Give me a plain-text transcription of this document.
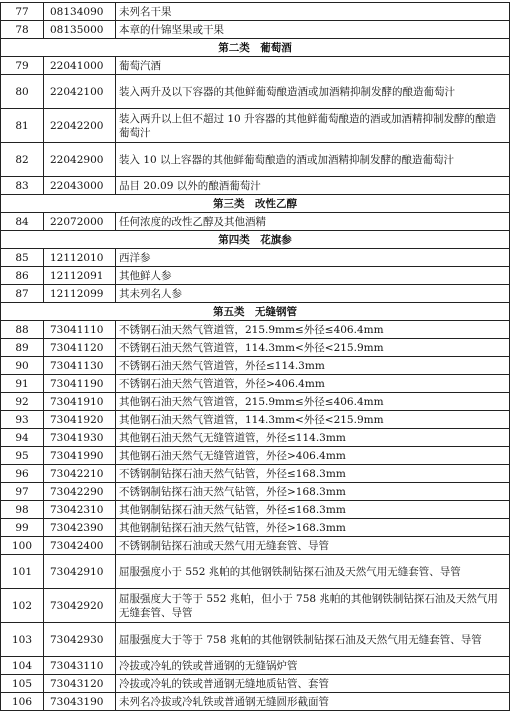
77	08134090	未列名干果
78	08135000	本章的什锦坚果或干果
第二类　葡萄酒		
79	22041000	葡萄汽酒
80	22042100	装入两升及以下容器的其他鲜葡萄酿造酒或加酒精抑制发酵的酿造葡萄汁
81	22042200	装入两升以上但不超过 10 升容器的其他鲜葡萄酿造的酒或加酒精抑制发酵的酿造葡萄汁
82	22042900	装入 10 以上容器的其他鲜葡萄酿造的酒或加酒精抑制发酵的酿造葡萄汁
83	22043000	品目 20.09 以外的酿酒葡萄汁
第三类　改性乙醇		
84	22072000	任何浓度的改性乙醇及其他酒精
第四类　花旗参		
85	12112010	西洋参
86	12112091	其他鲜人参
87	12112099	其未列名人参
第五类　无缝钢管		
88	73041110	不锈钢石油天然气管道管，215.9mm≤外径≤406.4mm
89	73041120	不锈钢石油天然气管道管，114.3mm<外径<215.9mm
90	73041130	不锈钢石油天然气管道管，外径≤114.3mm
91	73041190	不锈钢石油天然气管道管，外径>406.4mm
92	73041910	其他钢石油天然气管道管，215.9mm≤外径≤406.4mm
93	73041920	其他钢石油天然气管道管，114.3mm<外径<215.9mm
94	73041930	其他钢石油天然气无缝管道管，外径≤114.3mm
95	73041990	其他钢石油天然气无缝管道管，外径>406.4mm
96	73042210	不锈钢制钻探石油天然气钻管，外径≤168.3mm
97	73042290	不锈钢制钻探石油天然气钻管，外径>168.3mm
98	73042310	其他钢制钻探石油天然气钻管，外径≤168.3mm
99	73042390	其他钢制钻探石油天然气钻管，外径>168.3mm
100	73042400	不锈钢制钻探石油或天然气用无缝套管、导管
101	73042910	屈服强度小于 552 兆帕的其他钢铁制钻探石油及天然气用无缝套管、导管
102	73042920	屈服强度大于等于 552 兆帕，但小于 758 兆帕的其他钢铁制钻探石油及天然气用无缝套管、导管
103	73042930	屈服强度大于等于 758 兆帕的其他钢铁制钻探石油及天然气用无缝套管、导管
104	73043110	冷拔或冷轧的铁或普通钢的无缝锅炉管
105	73043120	冷拔或冷轧的铁或普通钢无缝地质钻管、套管
106	73043190	未列名冷拔或冷轧铁或普通钢无缝圆形截面管
